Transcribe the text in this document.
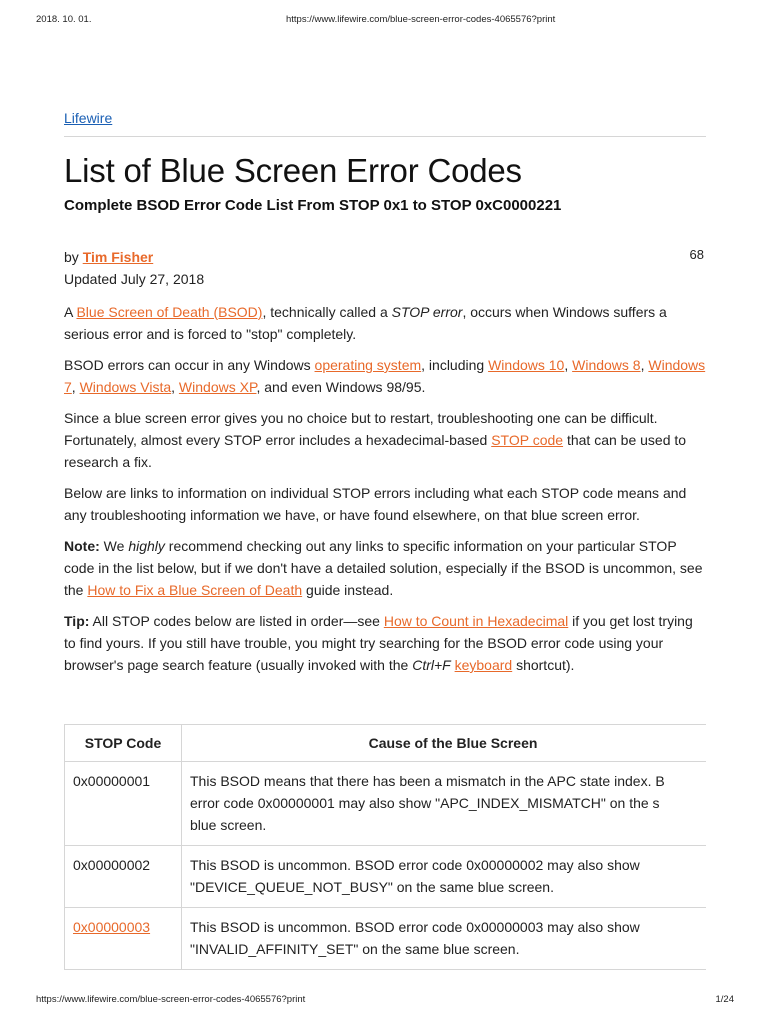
2018. 10. 01.	https://www.lifewire.com/blue-screen-error-codes-4065576?print
Lifewire
List of Blue Screen Error Codes
Complete BSOD Error Code List From STOP 0x1 to STOP 0xC0000221
by Tim Fisher	68
Updated July 27, 2018

A Blue Screen of Death (BSOD), technically called a STOP error, occurs when Windows suffers a serious error and is forced to "stop" completely.

BSOD errors can occur in any Windows operating system, including Windows 10, Windows 8, Windows 7, Windows Vista, Windows XP, and even Windows 98/95.

Since a blue screen error gives you no choice but to restart, troubleshooting one can be difficult. Fortunately, almost every STOP error includes a hexadecimal-based STOP code that can be used to research a fix.

Below are links to information on individual STOP errors including what each STOP code means and any troubleshooting information we have, or have found elsewhere, on that blue screen error.

Note: We highly recommend checking out any links to specific information on your particular STOP code in the list below, but if we don't have a detailed solution, especially if the BSOD is uncommon, see the How to Fix a Blue Screen of Death guide instead.

Tip: All STOP codes below are listed in order—see How to Count in Hexadecimal if you get lost trying to find yours. If you still have trouble, you might try searching for the BSOD error code using your browser's page search feature (usually invoked with the Ctrl+F keyboard shortcut).

STOP Code	Cause of the Blue Screen
0x00000001	This BSOD means that there has been a mismatch in the APC state index. B
error code 0x00000001 may also show "APC_INDEX_MISMATCH" on the s
blue screen.
0x00000002	This BSOD is uncommon. BSOD error code 0x00000002 may also show
"DEVICE_QUEUE_NOT_BUSY" on the same blue screen.
0x00000003	This BSOD is uncommon. BSOD error code 0x00000003 may also show
"INVALID_AFFINITY_SET" on the same blue screen.
https://www.lifewire.com/blue-screen-error-codes-4065576?print	1/24
